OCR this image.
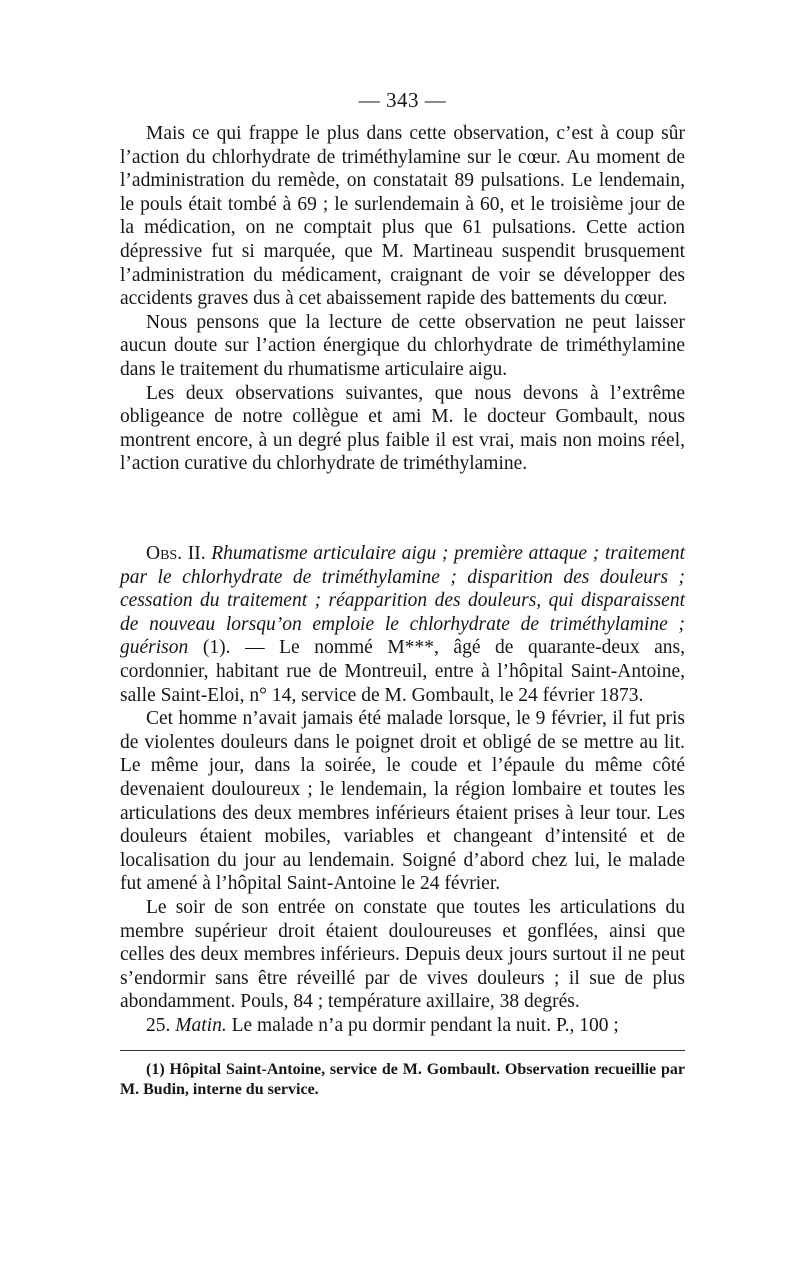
— 343 —

Mais ce qui frappe le plus dans cette observation, c’est à coup sûr l’action du chlorhydrate de triméthylamine sur le cœur. Au moment de l’administration du remède, on constatait 89 pulsations. Le lendemain, le pouls était tombé à 69 ; le surlendemain à 60, et le troisième jour de la médication, on ne comptait plus que 61 pulsations. Cette action dépressive fut si marquée, que M. Martineau suspendit brusquement l’administration du médicament, craignant de voir se développer des accidents graves dus à cet abaissement rapide des battements du cœur.

Nous pensons que la lecture de cette observation ne peut laisser aucun doute sur l’action énergique du chlorhydrate de triméthylamine dans le traitement du rhumatisme articulaire aigu.

Les deux observations suivantes, que nous devons à l’extrême obligeance de notre collègue et ami M. le docteur Gombault, nous montrent encore, à un degré plus faible il est vrai, mais non moins réel, l’action curative du chlorhydrate de triméthylamine.

Obs. II. Rhumatisme articulaire aigu ; première attaque ; traitement par le chlorhydrate de triméthylamine ; disparition des douleurs ; cessation du traitement ; réapparition des douleurs, qui disparaissent de nouveau lorsqu’on emploie le chlorhydrate de triméthylamine ; guérison (1). — Le nommé M***, âgé de quarante-deux ans, cordonnier, habitant rue de Montreuil, entre à l’hôpital Saint-Antoine, salle Saint-Eloi, n° 14, service de M. Gombault, le 24 février 1873.

Cet homme n’avait jamais été malade lorsque, le 9 février, il fut pris de violentes douleurs dans le poignet droit et obligé de se mettre au lit. Le même jour, dans la soirée, le coude et l’épaule du même côté devenaient douloureux ; le lendemain, la région lombaire et toutes les articulations des deux membres inférieurs étaient prises à leur tour. Les douleurs étaient mobiles, variables et changeant d’intensité et de localisation du jour au lendemain. Soigné d’abord chez lui, le malade fut amené à l’hôpital Saint-Antoine le 24 février.

Le soir de son entrée on constate que toutes les articulations du membre supérieur droit étaient douloureuses et gonflées, ainsi que celles des deux membres inférieurs. Depuis deux jours surtout il ne peut s’endormir sans être réveillé par de vives douleurs ; il sue de plus abondamment. Pouls, 84 ; température axillaire, 38 degrés.

25. Matin. Le malade n’a pu dormir pendant la nuit. P., 100 ;

(1) Hôpital Saint-Antoine, service de M. Gombault. Observation recueillie par M. Budin, interne du service.
